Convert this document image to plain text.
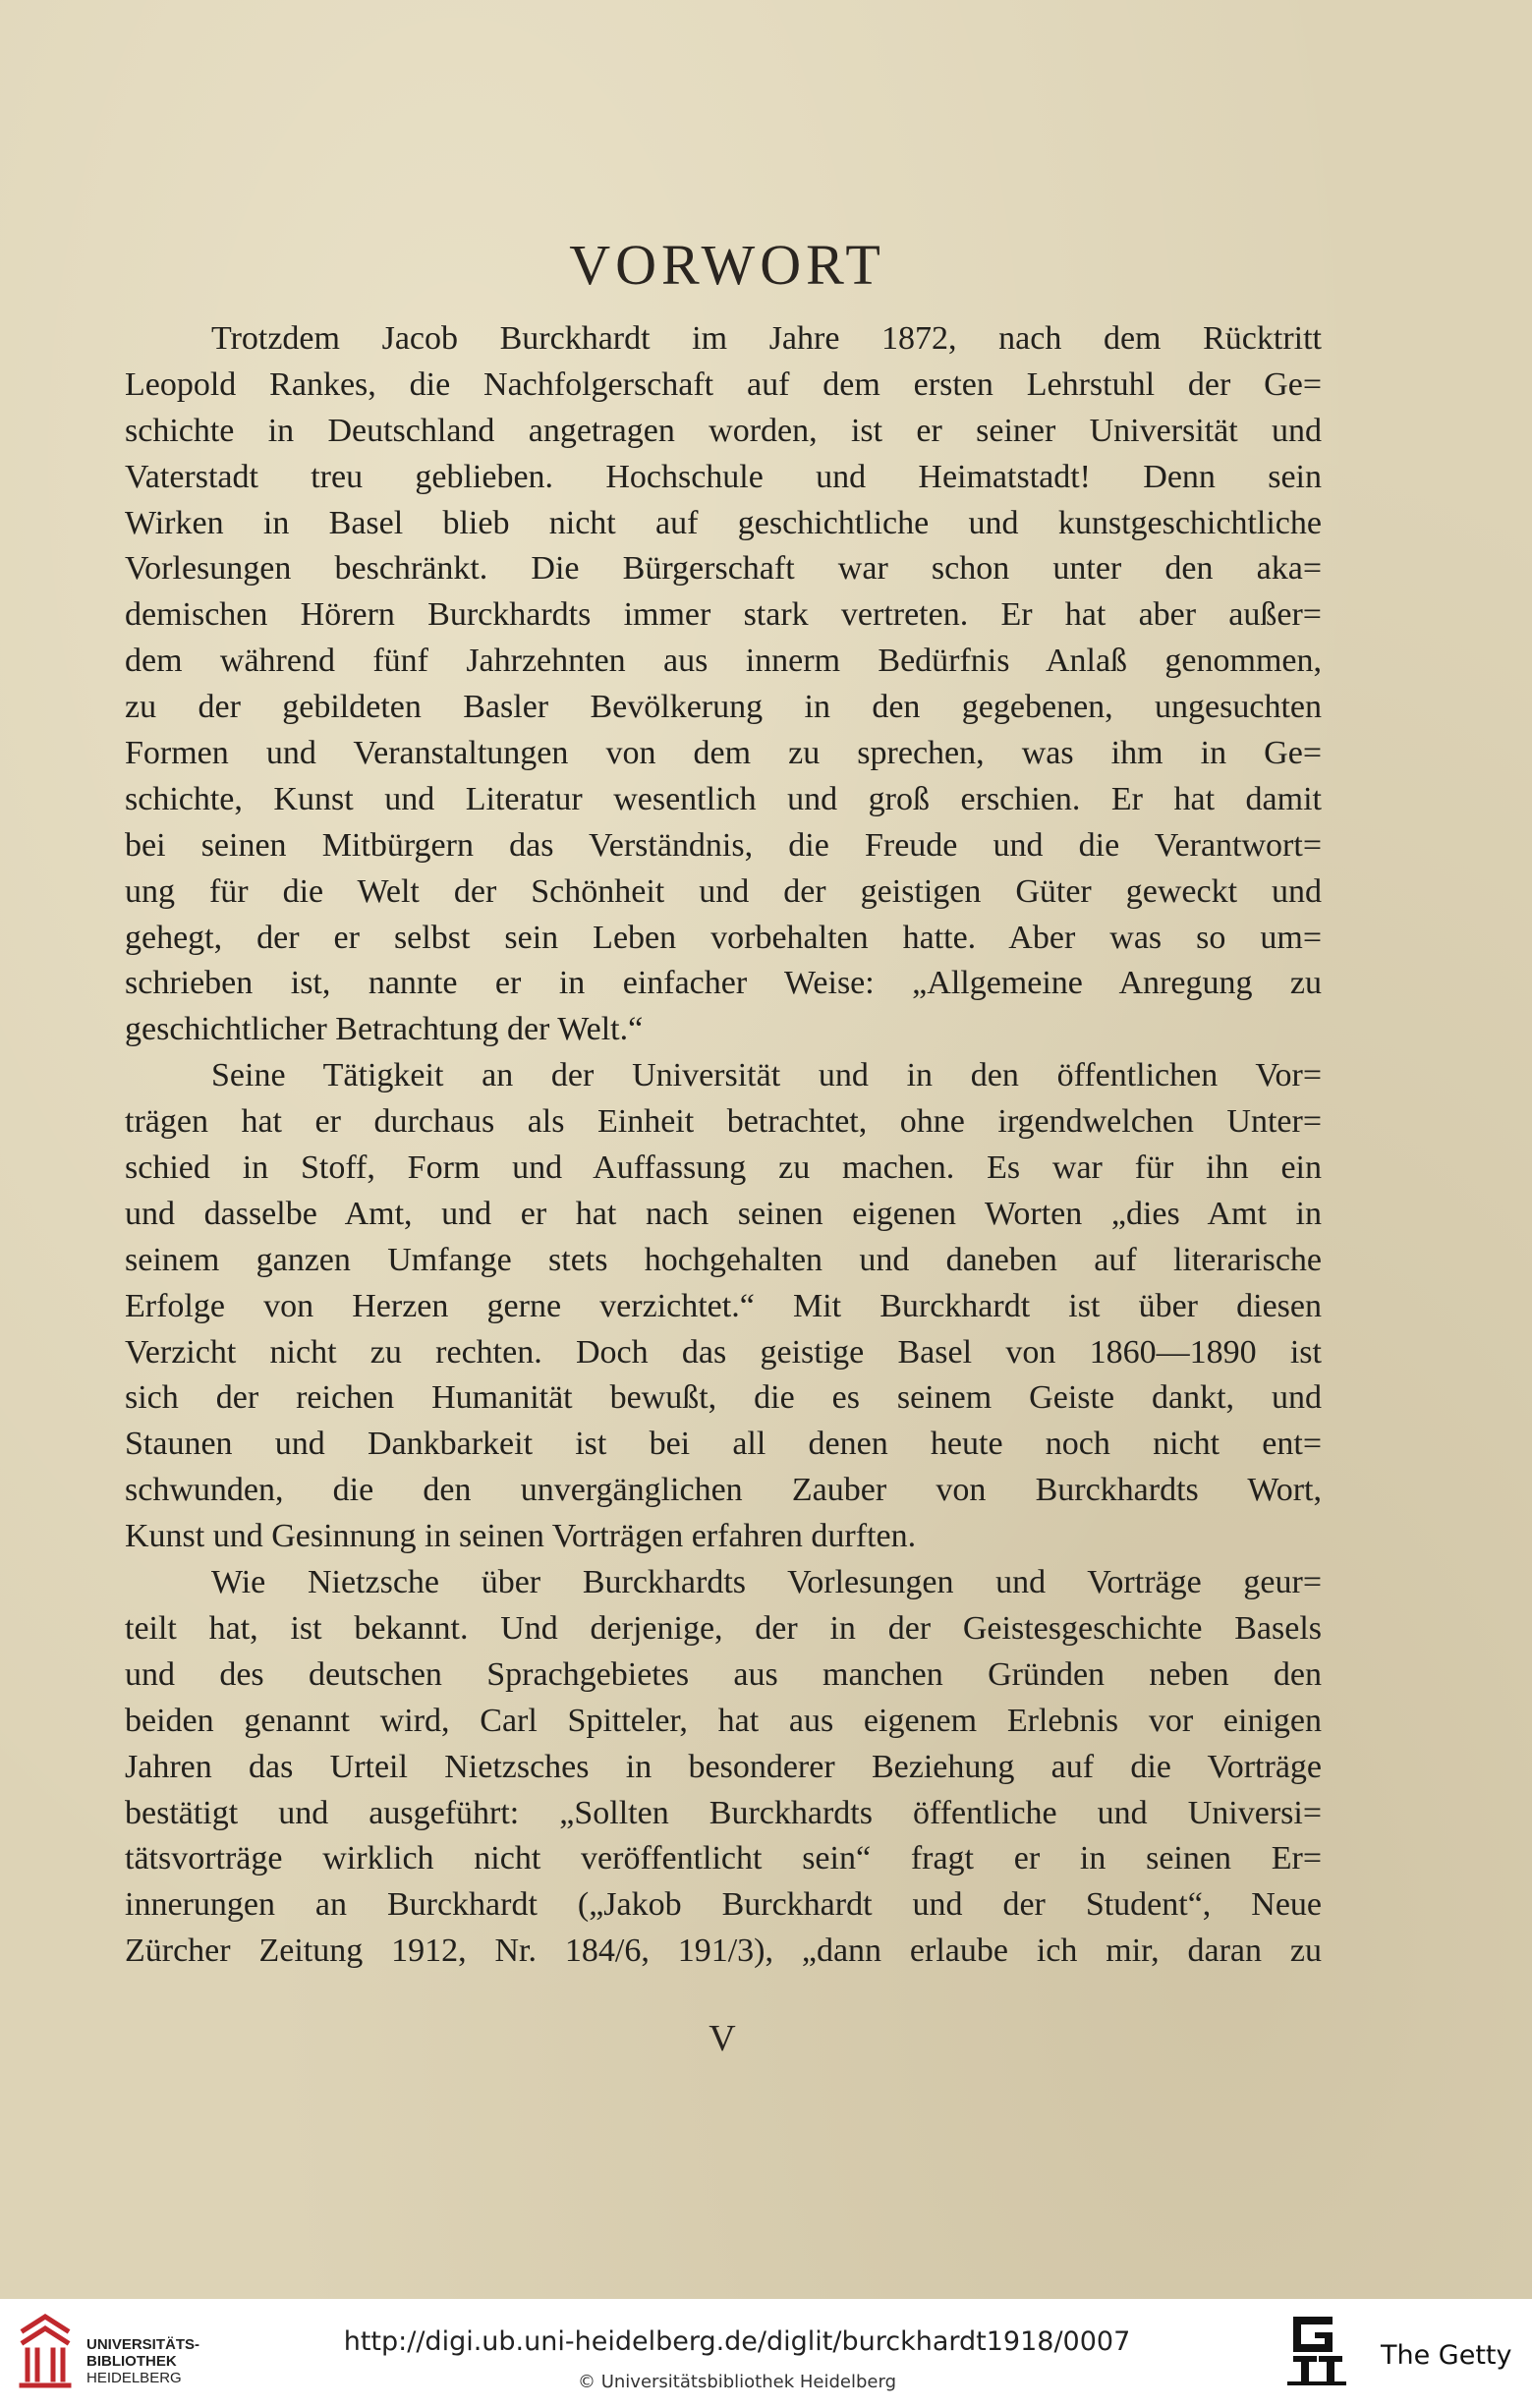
VORWORT
Trotzdem Jacob Burckhardt im Jahre 1872, nach dem Rücktritt
Leopold Rankes, die Nachfolgerschaft auf dem ersten Lehrstuhl der Ge=
schichte in Deutschland angetragen worden, ist er seiner Universität und
Vaterstadt treu geblieben. Hochschule und Heimatstadt! Denn sein
Wirken in Basel blieb nicht auf geschichtliche und kunstgeschichtliche
Vorlesungen beschränkt. Die Bürgerschaft war schon unter den aka=
demischen Hörern Burckhardts immer stark vertreten. Er hat aber außer=
dem während fünf Jahrzehnten aus innerm Bedürfnis Anlaß genommen,
zu der gebildeten Basler Bevölkerung in den gegebenen, ungesuchten
Formen und Veranstaltungen von dem zu sprechen, was ihm in Ge=
schichte, Kunst und Literatur wesentlich und groß erschien. Er hat damit
bei seinen Mitbürgern das Verständnis, die Freude und die Verantwort=
ung für die Welt der Schönheit und der geistigen Güter geweckt und
gehegt, der er selbst sein Leben vorbehalten hatte. Aber was so um=
schrieben ist, nannte er in einfacher Weise: „Allgemeine Anregung zu
geschichtlicher Betrachtung der Welt.“
Seine Tätigkeit an der Universität und in den öffentlichen Vor=
trägen hat er durchaus als Einheit betrachtet, ohne irgendwelchen Unter=
schied in Stoff, Form und Auffassung zu machen. Es war für ihn ein
und dasselbe Amt, und er hat nach seinen eigenen Worten „dies Amt in
seinem ganzen Umfange stets hochgehalten und daneben auf literarische
Erfolge von Herzen gerne verzichtet.“ Mit Burckhardt ist über diesen
Verzicht nicht zu rechten. Doch das geistige Basel von 1860—1890 ist
sich der reichen Humanität bewußt, die es seinem Geiste dankt, und
Staunen und Dankbarkeit ist bei all denen heute noch nicht ent=
schwunden, die den unvergänglichen Zauber von Burckhardts Wort,
Kunst und Gesinnung in seinen Vorträgen erfahren durften.
Wie Nietzsche über Burckhardts Vorlesungen und Vorträge geur=
teilt hat, ist bekannt. Und derjenige, der in der Geistesgeschichte Basels
und des deutschen Sprachgebietes aus manchen Gründen neben den
beiden genannt wird, Carl Spitteler, hat aus eigenem Erlebnis vor einigen
Jahren das Urteil Nietzsches in besonderer Beziehung auf die Vorträge
bestätigt und ausgeführt: „Sollten Burckhardts öffentliche und Universi=
tätsvorträge wirklich nicht veröffentlicht sein“ fragt er in seinen Er=
innerungen an Burckhardt („Jakob Burckhardt und der Student“, Neue
Zürcher Zeitung 1912, Nr. 184/6, 191/3), „dann erlaube ich mir, daran zu
V
UNIVERSITÄTS-
BIBLIOTHEK
HEIDELBERG
http://digi.ub.uni-heidelberg.de/diglit/burckhardt1918/0007
© Universitätsbibliothek Heidelberg
The Getty
